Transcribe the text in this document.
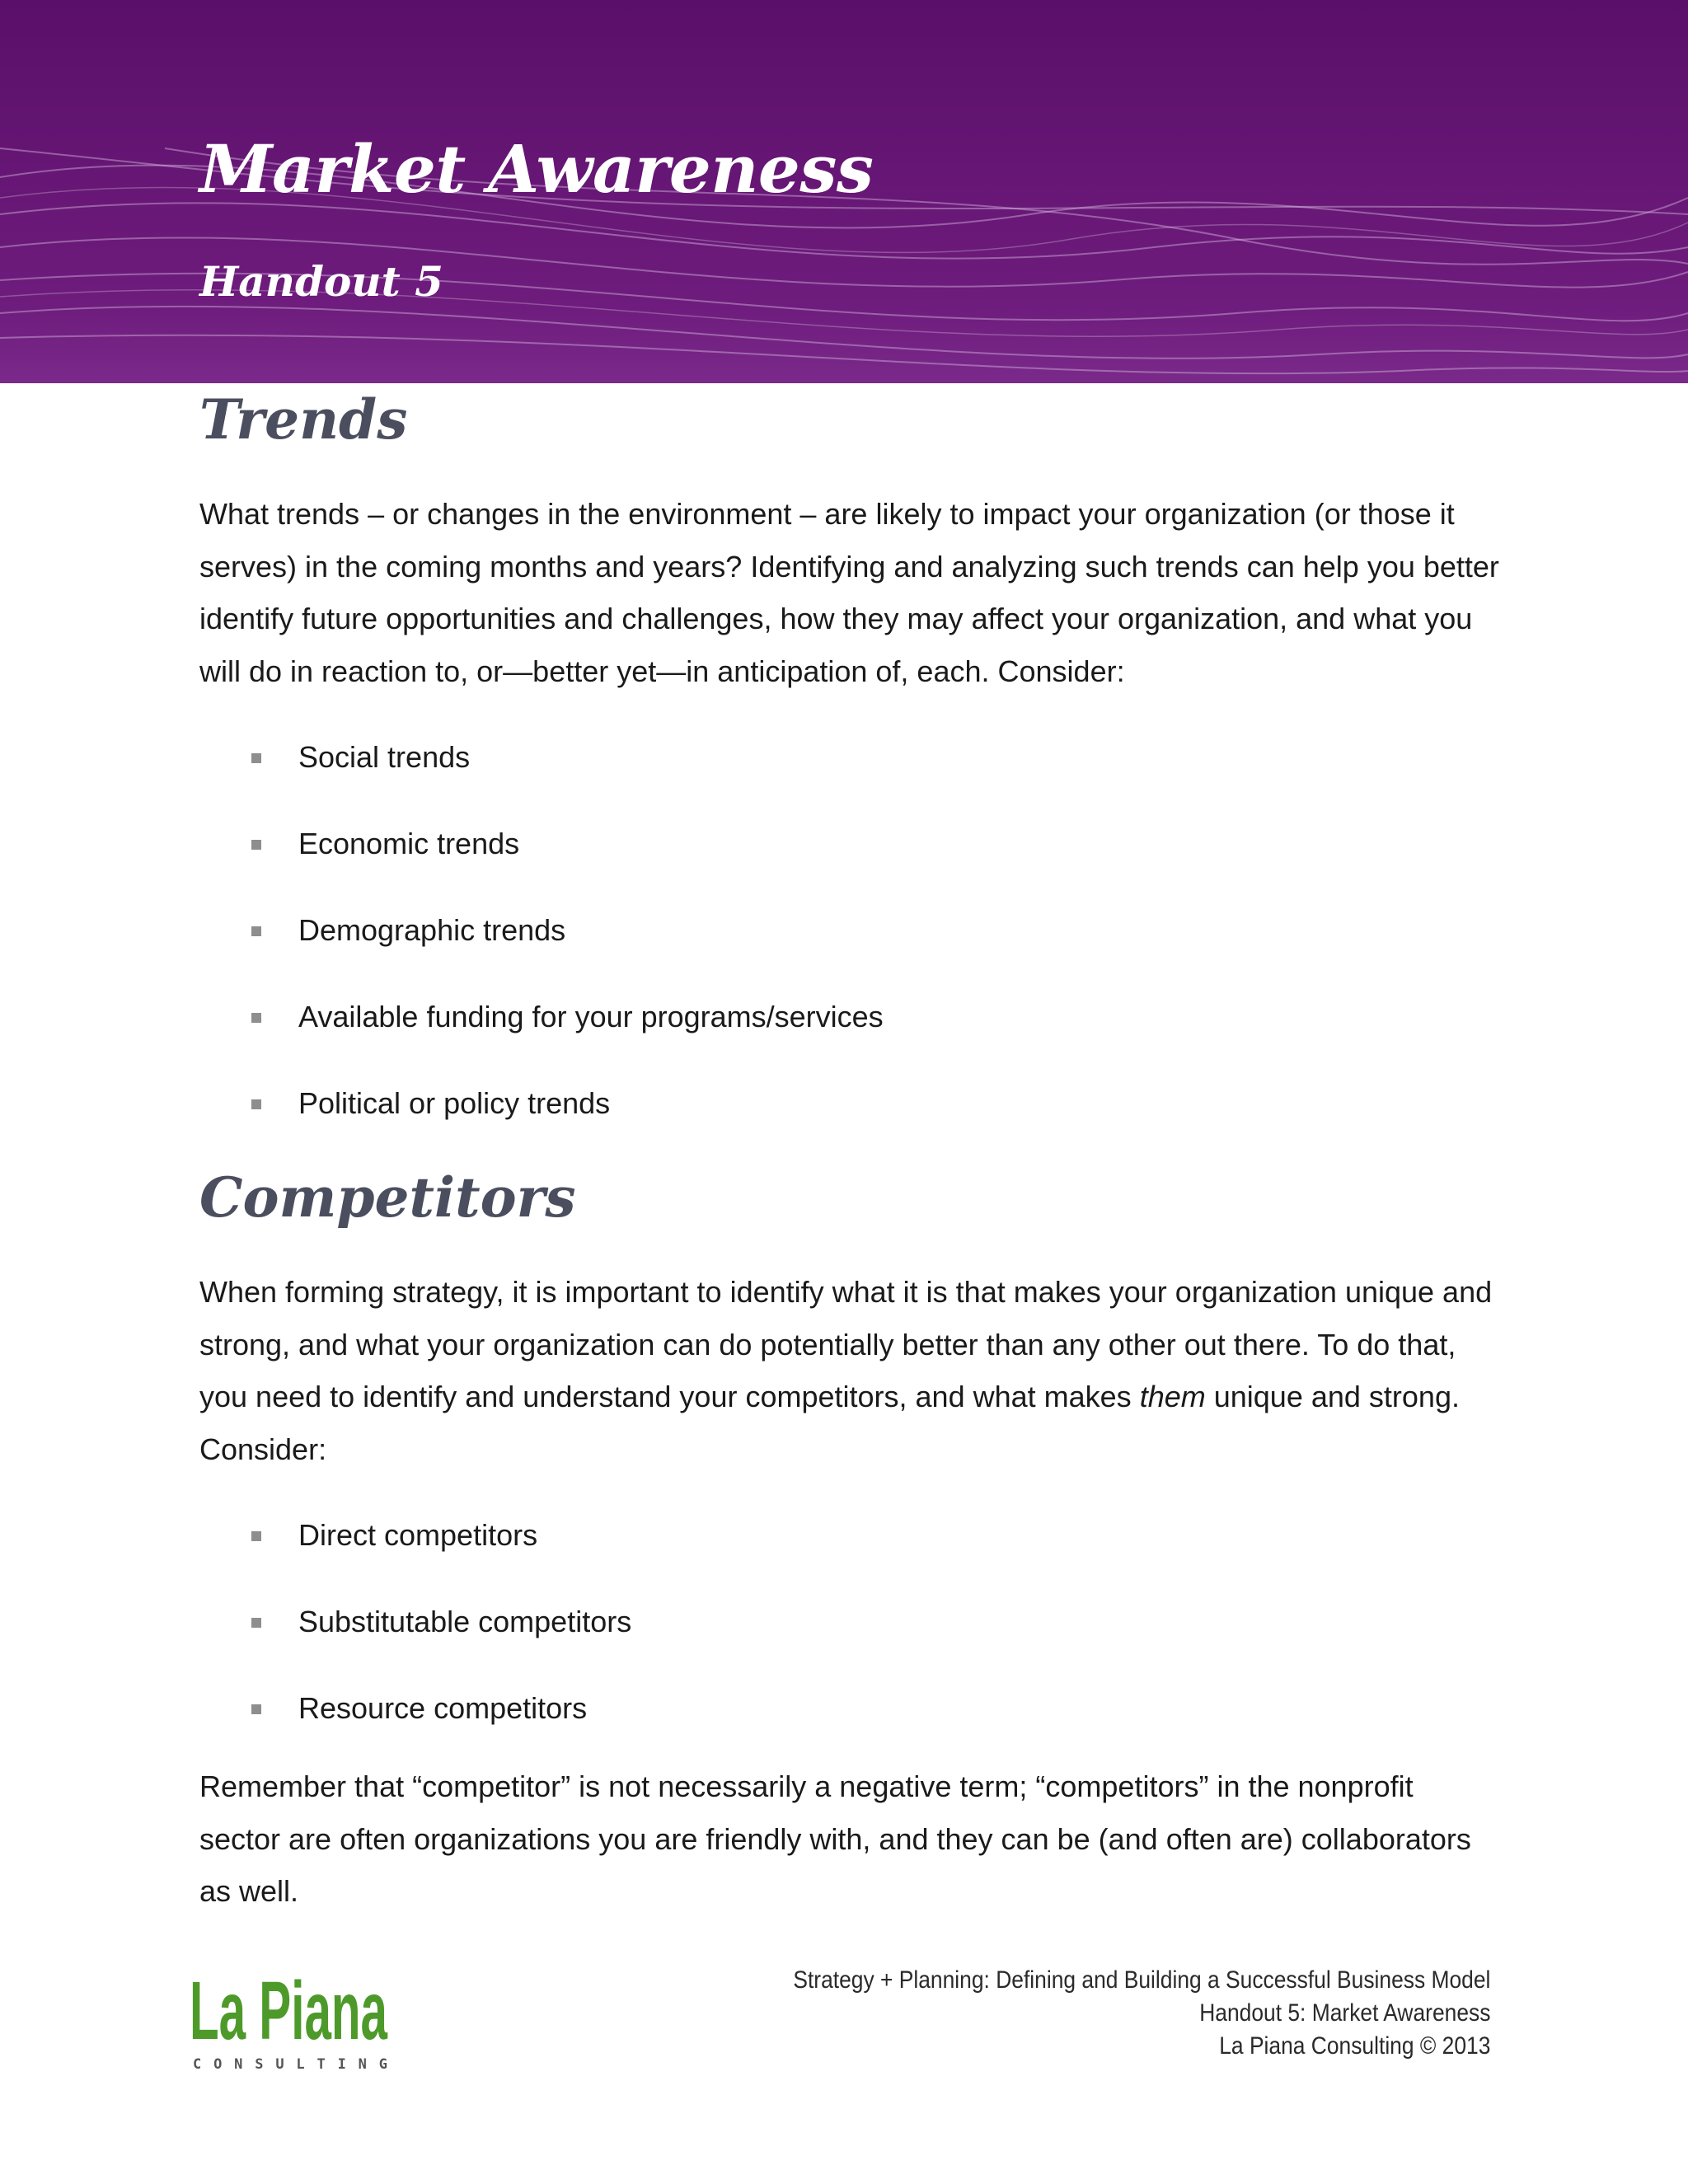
Market Awareness
Handout 5
Trends

What trends – or changes in the environment – are likely to impact your organization (or those it serves) in the coming months and years? Identifying and analyzing such trends can help you better identify future opportunities and challenges, how they may affect your organization, and what you will do in reaction to, or—better yet—in anticipation of, each. Consider:

Social trends
Economic trends
Demographic trends
Available funding for your programs/services
Political or policy trends
Competitors

When forming strategy, it is important to identify what it is that makes your organization unique and strong, and what your organization can do potentially better than any other out there. To do that, you need to identify and understand your competitors, and what makes them unique and strong. Consider:

Direct competitors
Substitutable competitors
Resource competitors

Remember that “competitor” is not necessarily a negative term; “competitors” in the nonprofit sector are often organizations you are friendly with, and they can be (and often are) collaborators as well.

La Piana
CONSULTING
Strategy + Planning: Defining and Building a Successful Business Model
Handout 5: Market Awareness
La Piana Consulting © 2013
